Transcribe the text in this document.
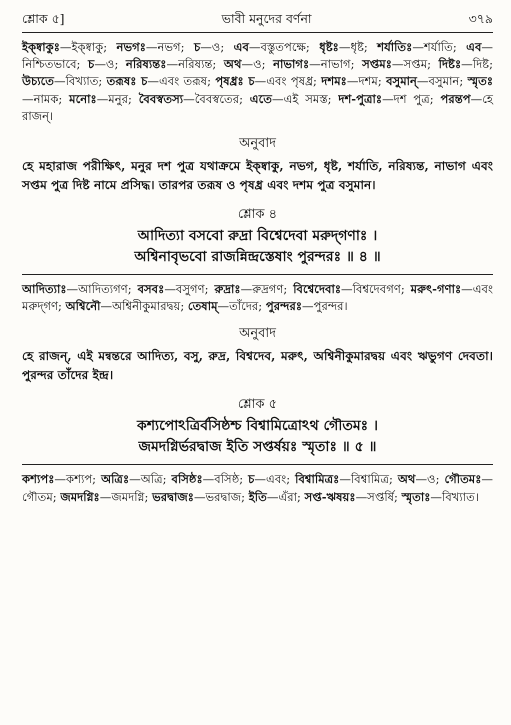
শ্লোক ৫]	ভাবী মনুদের বর্ণনা	৩৭৯
ইক্ষ্বাকুঃ—ইক্ষ্বাকু; নভগঃ—নভগ; চ—ও; এব—বস্তুতপক্ষে; ধৃষ্টঃ—ধৃষ্ট; শর্যাতিঃ—শর্যাতি; এব—নিশ্চিতভাবে; চ—ও; নরিষ্যন্তঃ—নরিষ্যন্ত; অথ—ও; নাভাগঃ—নাভাগ; সপ্তমঃ—সপ্তম; দিষ্টঃ—দিষ্ট; উচ্যতে—বিখ্যাত; তরূষঃ চ—এবং তরূষ; পৃষধ্রঃ চ—এবং পৃষধ্র; দশমঃ—দশম; বসুমান্—বসুমান; স্মৃতঃ—নামক; মনোঃ—মনুর; বৈবস্বতস্য—বৈবস্বতের; এতে—এই সমস্ত; দশ-পুত্রাঃ—দশ পুত্র; পরন্তপ—হে রাজন্।
অনুবাদ
হে মহারাজ পরীক্ষিৎ, মনুর দশ পুত্র যথাক্রমে ইক্ষ্বাকু, নভগ, ধৃষ্ট, শর্যাতি, নরিষ্যন্ত, নাভাগ এবং সপ্তম পুত্র দিষ্ট নামে প্রসিদ্ধ। তারপর তরূষ ও পৃষধ্র এবং দশম পুত্র বসুমান।
শ্লোক ৪

আদিত্যা বসবো রুদ্রা বিশ্বেদেবা মরুদ্‌গণাঃ ।

অশ্বিনাবৃভবো রাজন্নিন্দ্রস্তেষাং পুরন্দরঃ ॥ ৪ ॥

আদিত্যাঃ—আদিত্যগণ; বসবঃ—বসুগণ; রুদ্রাঃ—রুদ্রগণ; বিশ্বেদেবাঃ—বিশ্বদেবগণ; মরুৎ-গণাঃ—এবং মরুদ্‌গণ; অশ্বিনৌ—অশ্বিনীকুমারদ্বয়; তেষাম্—তাঁদের; পুরন্দরঃ—পুরন্দর।
অনুবাদ
হে রাজন্, এই মন্বন্তরে আদিত্য, বসু, রুদ্র, বিশ্বদেব, মরুৎ, অশ্বিনীকুমারদ্বয় এবং ঋভুগণ দেবতা। পুরন্দর তাঁদের ইন্দ্র।
শ্লোক ৫

কশ্যপোঽত্রির্বসিষ্ঠশ্চ বিশ্বামিত্রোঽথ গৌতমঃ ।

জমদগ্নির্ভরদ্বাজ ইতি সপ্তর্ষয়ঃ স্মৃতাঃ ॥ ৫ ॥

কশ্যপঃ—কশ্যপ; অত্রিঃ—অত্রি; বসিষ্ঠঃ—বসিষ্ঠ; চ—এবং; বিশ্বামিত্রঃ—বিশ্বামিত্র; অথ—ও; গৌতমঃ—গৌতম; জমদগ্নিঃ—জমদগ্নি; ভরদ্বাজঃ—ভরদ্বাজ; ইতি—এঁরা; সপ্ত-ঋষয়ঃ—সপ্তর্ষি; স্মৃতাঃ—বিখ্যাত।
